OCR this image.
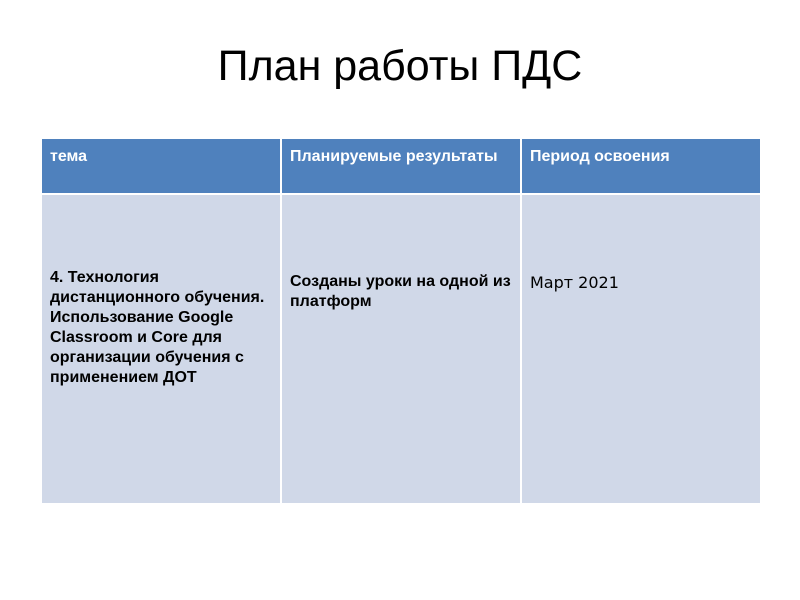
План работы ПДС
тема	Планируемые результаты	Период освоения
4. Технология дистанционного обучения. Использование Google Classroom и Core для организации обучения с применением ДОТ	Созданы уроки на одной из платформ	Март 2021
